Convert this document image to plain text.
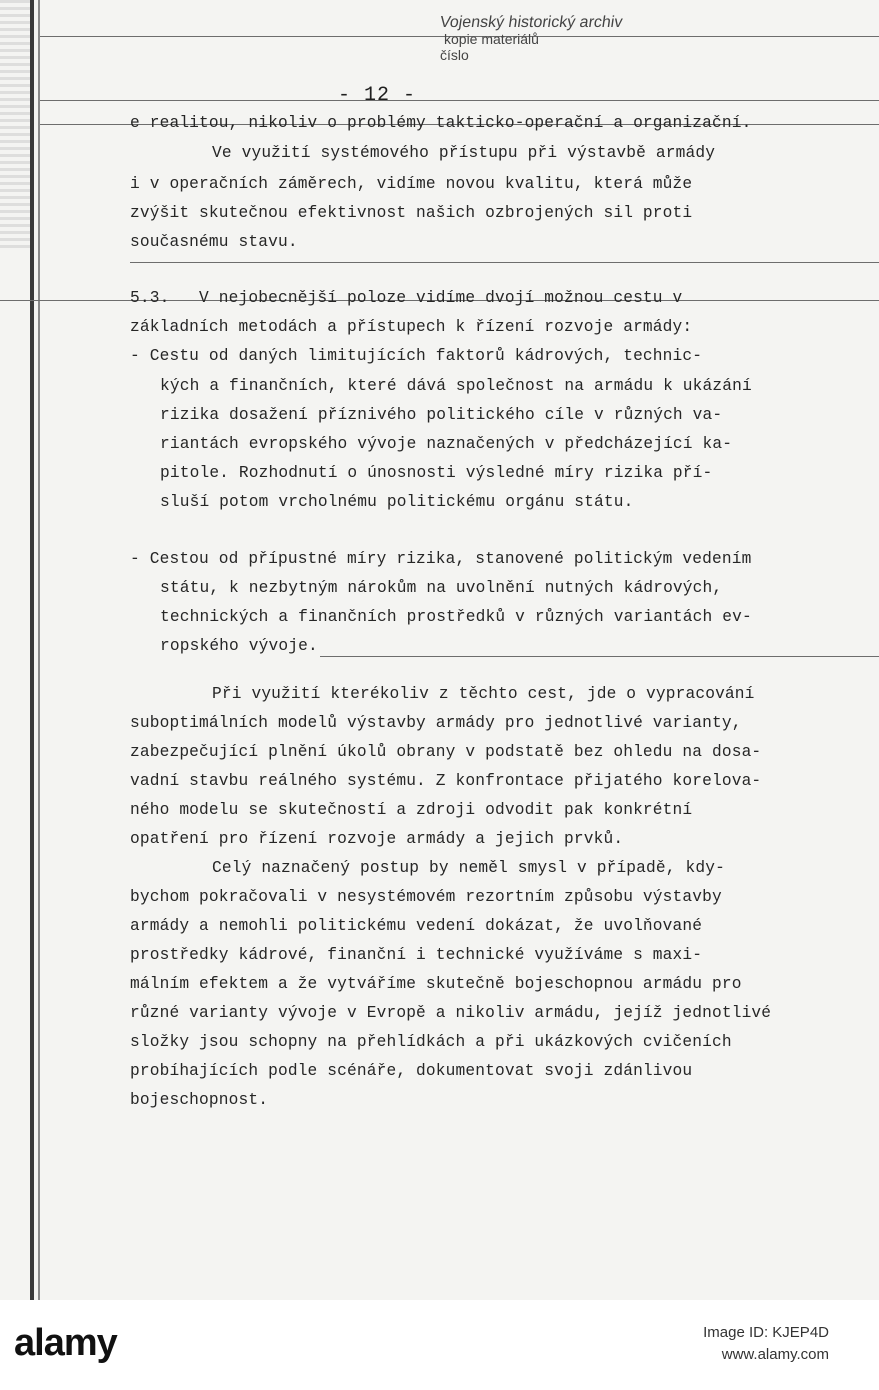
Vojenský historický archiv
kopie materiálů
číslo
- 12 -
e realitou, nikoliv o problémy takticko-operační a organizační.
Ve využití systémového přístupu při výstavbě armády
i v operačních záměrech, vidíme novou kvalitu, která může
zvýšit skutečnou efektivnost našich ozbrojených sil proti
současnému stavu.
5.3.   V nejobecnější poloze vidíme dvojí možnou cestu v
základních metodách a přístupech k řízení rozvoje armády:
- Cestu od daných limitujících faktorů kádrových, technic-
kých a finančních, které dává společnost na armádu k ukázání
rizika dosažení příznivého politického cíle v různých va-
riantách evropského vývoje naznačených v předcházející ka-
pitole. Rozhodnutí o únosnosti výsledné míry rizika pří-
sluší potom vrcholnému politickému orgánu státu.
- Cestou od přípustné míry rizika, stanovené politickým vedením
státu, k nezbytným nárokům na uvolnění nutných kádrových,
technických a finančních prostředků v různých variantách ev-
ropského vývoje.
Při využití kterékoliv z těchto cest, jde o vypracování
suboptimálních modelů výstavby armády pro jednotlivé varianty,
zabezpečující plnění úkolů obrany v podstatě bez ohledu na dosa-
vadní stavbu reálného systému. Z konfrontace přijatého korelova-
ného modelu se skutečností a zdroji odvodit pak konkrétní
opatření pro řízení rozvoje armády a jejich prvků.
Celý naznačený postup by neměl smysl v případě, kdy-
bychom pokračovali v nesystémovém rezortním způsobu výstavby
armády a nemohli politickému vedení dokázat, že uvolňované
prostředky kádrové, finanční i technické využíváme s maxi-
málním efektem a že vytváříme skutečně bojeschopnou armádu pro
různé varianty vývoje v Evropě a nikoliv armádu, jejíž jednotlivé
složky jsou schopny na přehlídkách a při ukázkových cvičeních
probíhajících podle scénáře, dokumentovat svoji zdánlivou
bojeschopnost.
alamy	Image ID: KJEP4D
www.alamy.com
